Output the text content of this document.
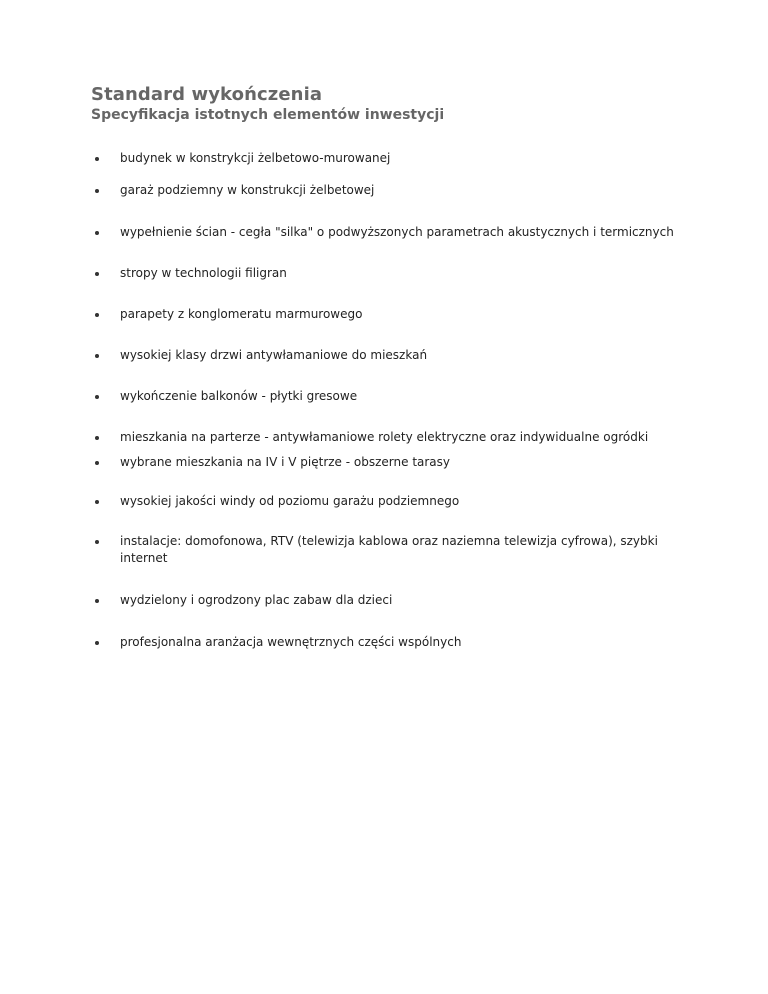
Standard wykończenia
Specyfikacja istotnych elementów inwestycji
budynek w konstrykcji żelbetowo-murowanej
garaż podziemny w konstrukcji żelbetowej
wypełnienie ścian - cegła "silka" o podwyższonych parametrach akustycznych i termicznych
stropy w technologii filigran
parapety z konglomeratu marmurowego
wysokiej klasy drzwi antywłamaniowe do mieszkań
wykończenie balkonów - płytki gresowe
mieszkania na parterze - antywłamaniowe rolety elektryczne oraz indywidualne ogródki
wybrane mieszkania na IV i V piętrze - obszerne tarasy
wysokiej jakości windy od poziomu garażu podziemnego
instalacje: domofonowa, RTV (telewizja kablowa oraz naziemna telewizja cyfrowa), szybki internet
wydzielony i ogrodzony plac zabaw dla dzieci
profesjonalna aranżacja wewnętrznych części wspólnych
